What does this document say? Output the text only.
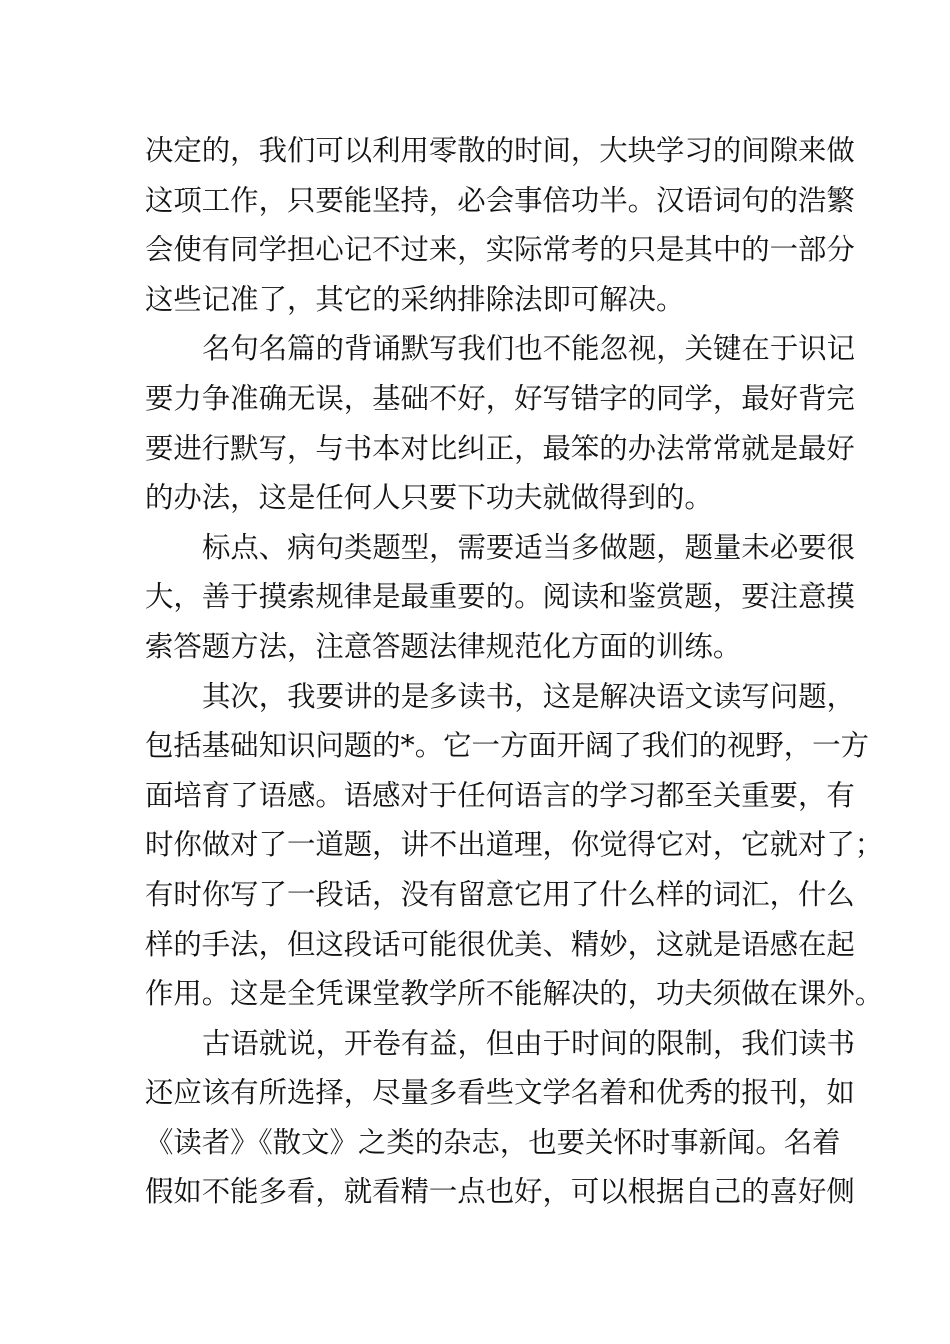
决定的，我们可以利用零散的时间，大块学习的间隙来做
这项工作，只要能坚持，必会事倍功半。汉语词句的浩繁
会使有同学担心记不过来，实际常考的只是其中的一部分
这些记准了，其它的采纳排除法即可解决。
名句名篇的背诵默写我们也不能忽视，关键在于识记
要力争准确无误，基础不好，好写错字的同学，最好背完
要进行默写，与书本对比纠正，最笨的办法常常就是最好
的办法，这是任何人只要下功夫就做得到的。
标点、病句类题型，需要适当多做题，题量未必要很
大，善于摸索规律是最重要的。阅读和鉴赏题，要注意摸
索答题方法，注意答题法律规范化方面的训练。
其次，我要讲的是多读书，这是解决语文读写问题，
包括基础知识问题的*。它一方面开阔了我们的视野，一方
面培育了语感。语感对于任何语言的学习都至关重要，有
时你做对了一道题，讲不出道理，你觉得它对，它就对了；
有时你写了一段话，没有留意它用了什么样的词汇，什么
样的手法，但这段话可能很优美、精妙，这就是语感在起
作用。这是全凭课堂教学所不能解决的，功夫须做在课外。
古语就说，开卷有益，但由于时间的限制，我们读书
还应该有所选择，尽量多看些文学名着和优秀的报刊，如
《读者》《散文》之类的杂志，也要关怀时事新闻。名着
假如不能多看，就看精一点也好，可以根据自己的喜好侧
